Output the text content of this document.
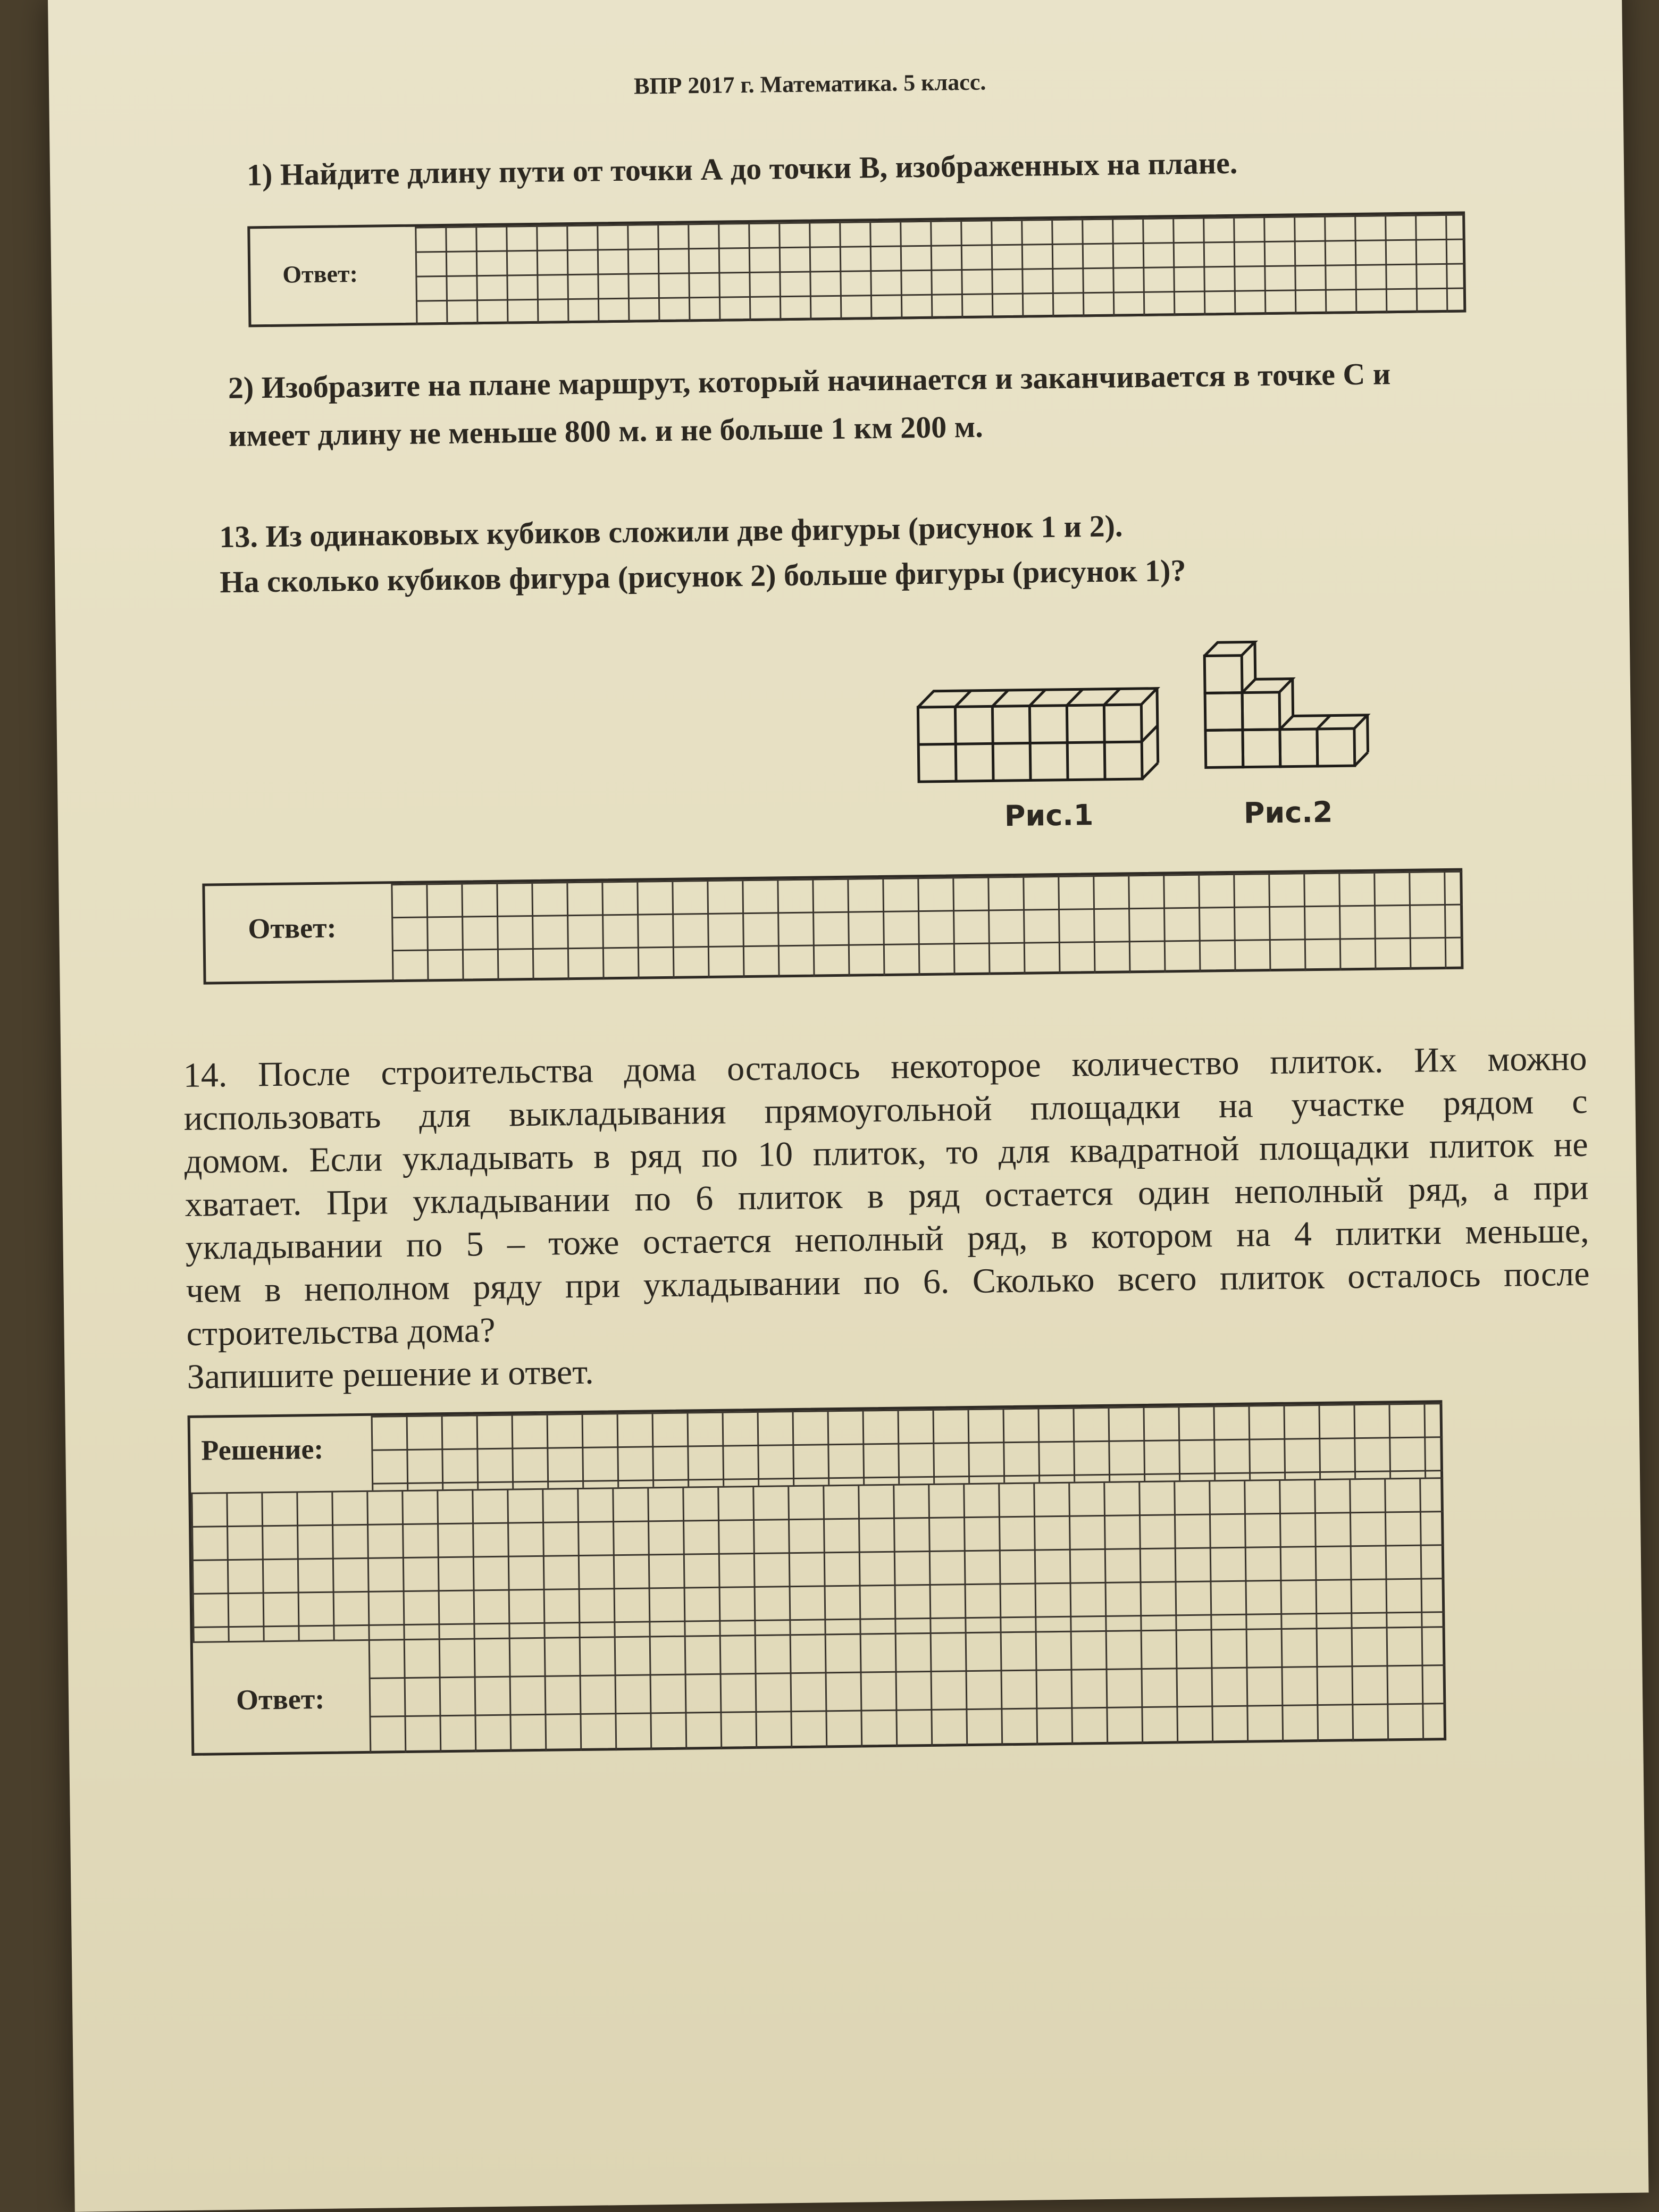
ВПР 2017 г. Математика. 5 класс.
1) Найдите длину пути от точки А до точки В, изображенных на плане.
Ответ:
2) Изобразите на плане маршрут, который начинается и заканчивается в точке С и
имеет длину не меньше 800 м. и не больше 1 км 200 м.
13. Из одинаковых кубиков сложили две фигуры (рисунок 1 и 2).
На сколько кубиков фигура (рисунок 2) больше фигуры (рисунок 1)?
Рис.1	Рис.2
Ответ:
14. После строительства дома осталось некоторое количество плиток. Их можно
использовать для выкладывания прямоугольной площадки на участке рядом с
домом. Если укладывать в ряд по 10 плиток, то для квадратной площадки плиток не
хватает. При укладывании по 6 плиток в ряд остается один неполный ряд, а при
укладывании по 5 – тоже остается неполный ряд, в котором на 4 плитки меньше,
чем в неполном ряду при укладывании по 6. Сколько всего плиток осталось после
строительства дома?
Запишите решение и ответ.
Решение:
Ответ:
